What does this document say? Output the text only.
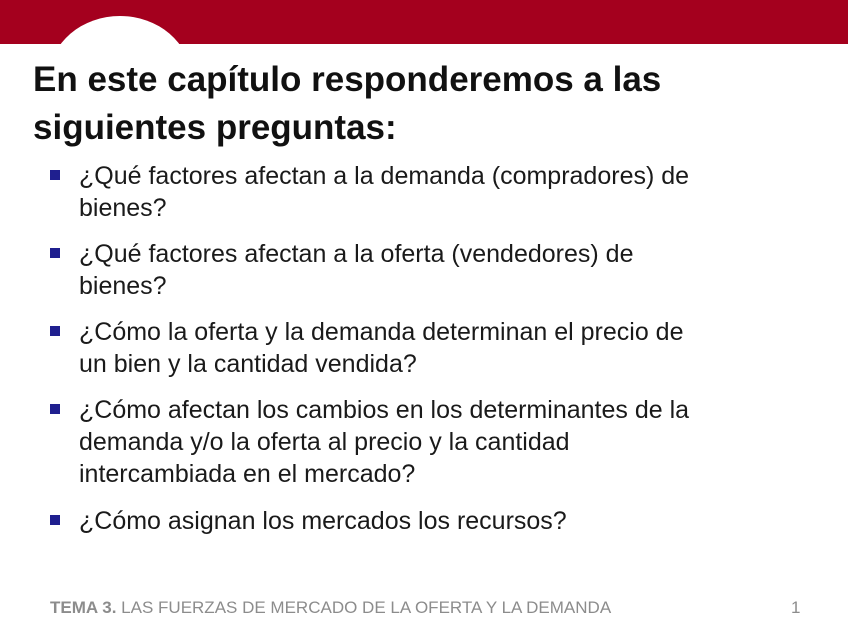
En este capítulo responderemos a las
siguientes preguntas:
¿Qué factores afectan a la demanda (compradores) de
bienes?
¿Qué factores afectan a la oferta (vendedores) de
bienes?
¿Cómo la oferta y la demanda determinan el precio de
un bien y la cantidad vendida?
¿Cómo afectan los cambios en los determinantes de la
demanda y/o la oferta al precio y la cantidad
intercambiada en el mercado?
¿Cómo asignan los mercados los recursos?
TEMA 3. LAS FUERZAS DE MERCADO DE LA OFERTA Y LA DEMANDA	1
